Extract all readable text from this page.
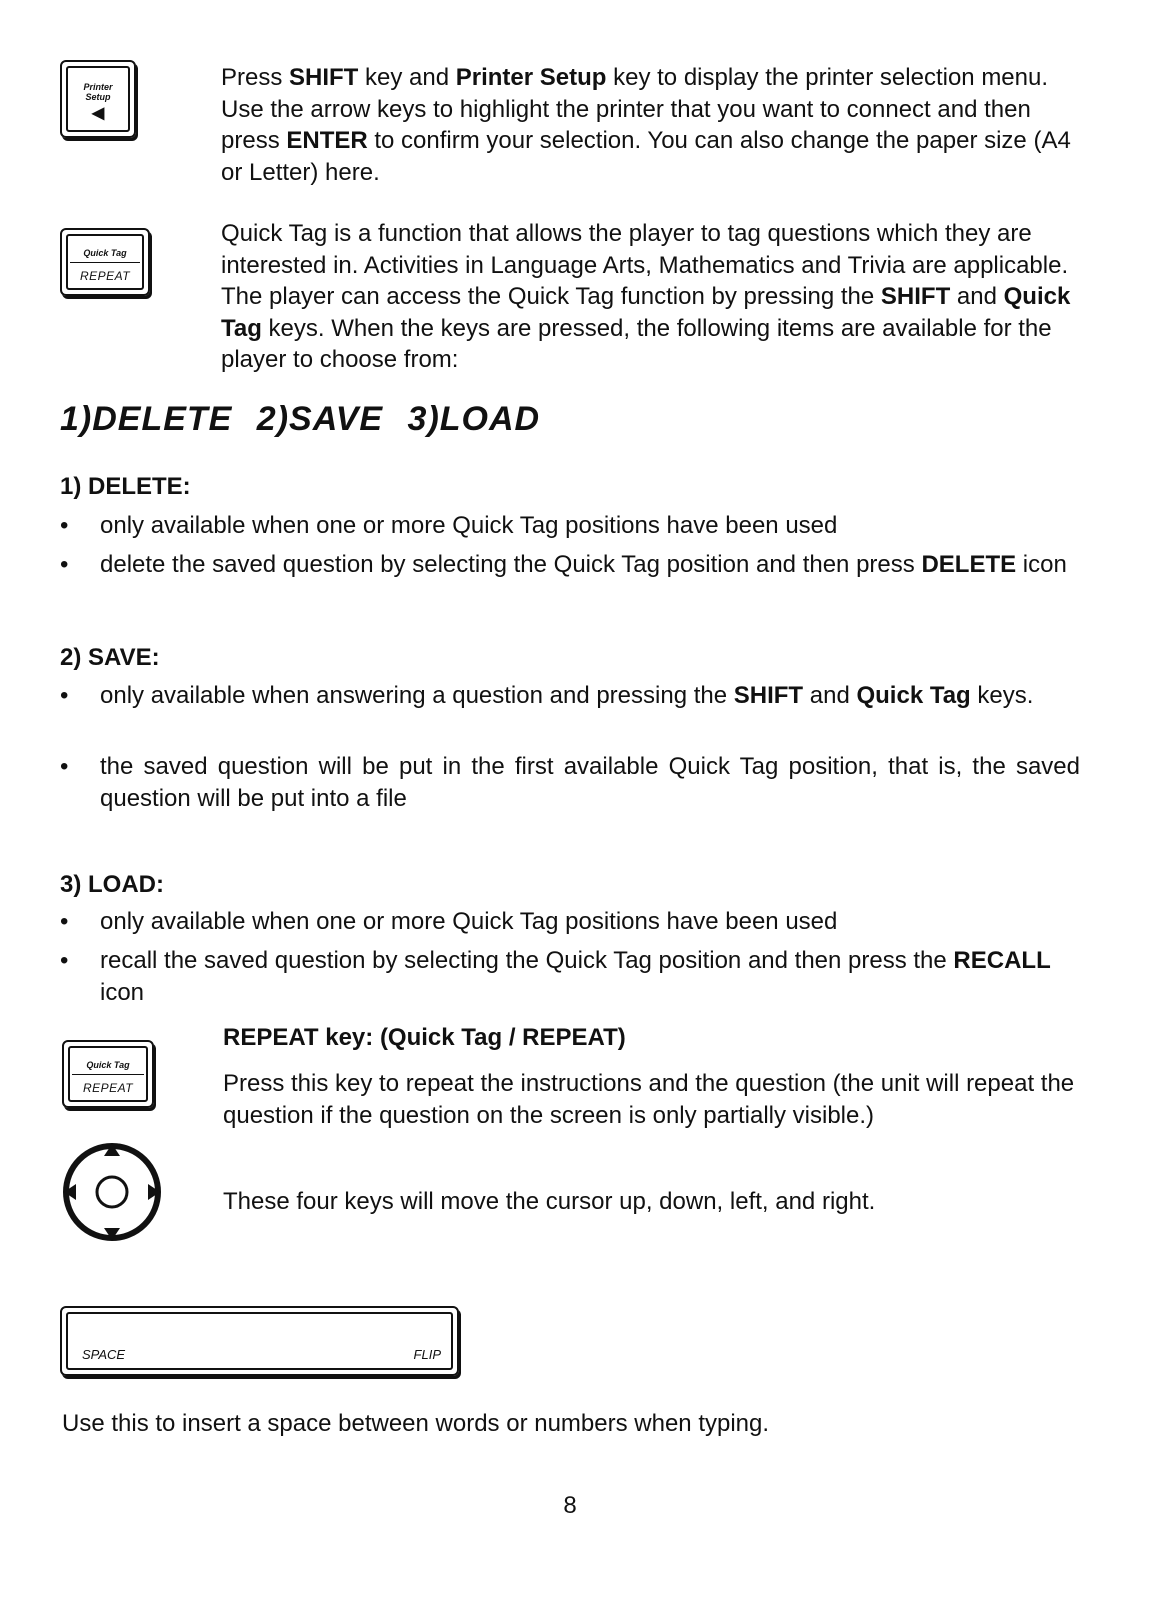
Printer
Setup
◀
Press SHIFT key and Printer Setup key to display the printer selection menu. Use the arrow keys to highlight the printer that you want to connect and then press ENTER to confirm your selection. You can also change the paper size (A4 or Letter) here.
Quick Tag
REPEAT
Quick Tag is a function that allows the player to tag questions which they are interested in. Activities in Language Arts, Mathematics and Trivia are applicable. The player can access the Quick Tag function by pressing the SHIFT and Quick Tag keys. When the keys are pressed, the following items are available for the player to choose from:
1)DELETE 2)SAVE 3)LOAD
1) DELETE:
•	only available when one or more Quick Tag positions have been used
•	delete the saved question by selecting the Quick Tag position and then press DELETE icon
2) SAVE:
•	only available when answering a question and pressing the SHIFT and Quick Tag keys.
•	the saved question will be put in the first available Quick Tag position, that is, the saved question will be put into a file
3) LOAD:
•	only available when one or more Quick Tag positions have been used
•	recall the saved question by selecting the Quick Tag position and then press the RECALL icon
Quick Tag
REPEAT
REPEAT key: (Quick Tag / REPEAT)
Press this key to repeat the instructions and the question (the unit will repeat the question if the question on the screen is only partially visible.)
These four keys will move the cursor up, down, left, and right.
SPACE	FLIP
Use this to insert a space between words or numbers when typing.
8
